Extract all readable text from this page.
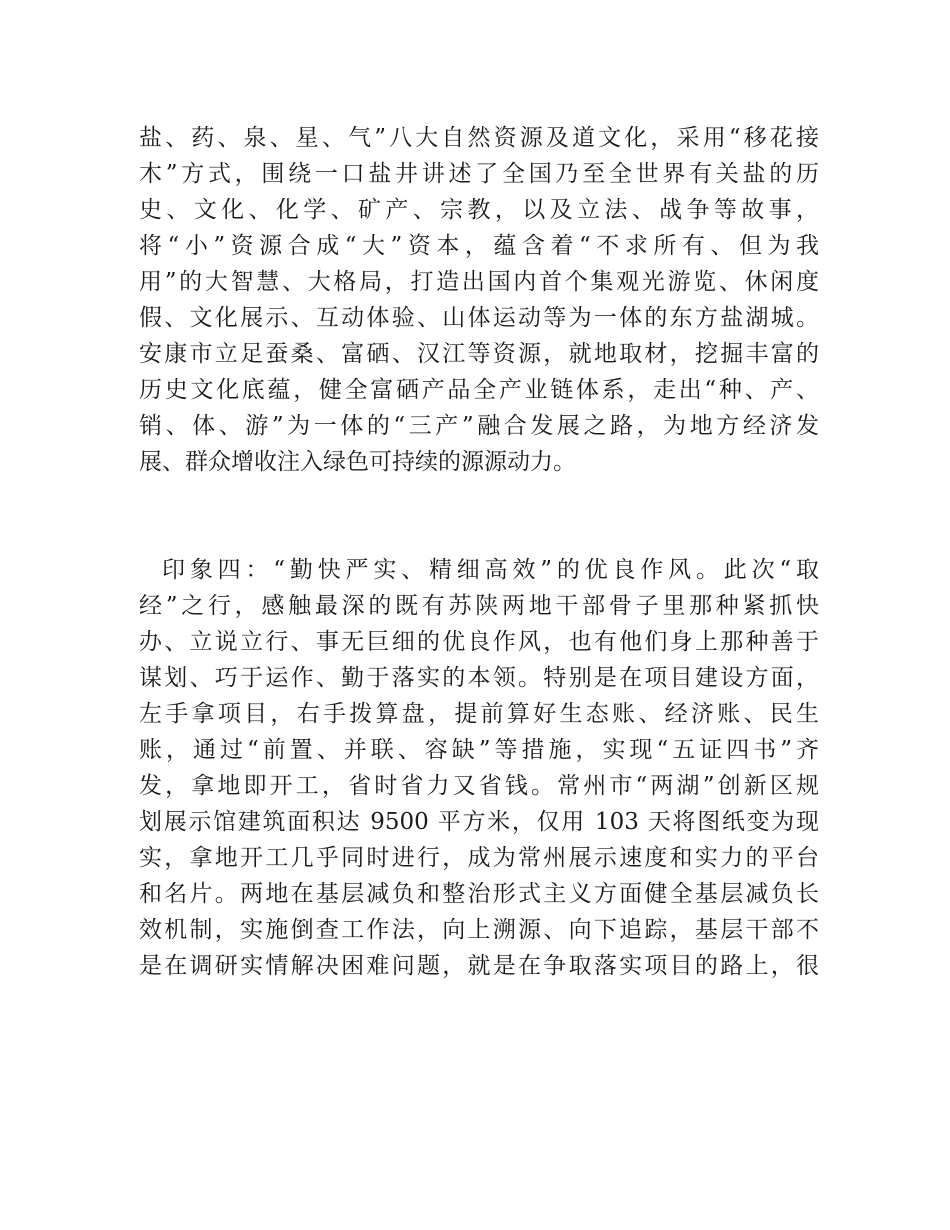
盐、药、泉、星、气”八大自然资源及道文化，采用“移花接
木”方式，围绕一口盐井讲述了全国乃至全世界有关盐的历
史、文化、化学、矿产、宗教，以及立法、战争等故事，
将“小”资源合成“大”资本，蕴含着“不求所有、但为我
用”的大智慧、大格局，打造出国内首个集观光游览、休闲度
假、文化展示、互动体验、山体运动等为一体的东方盐湖城。
安康市立足蚕桑、富硒、汉江等资源，就地取材，挖掘丰富的
历史文化底蕴，健全富硒产品全产业链体系，走出“种、产、
销、体、游”为一体的“三产”融合发展之路，为地方经济发
展、群众增收注入绿色可持续的源源动力。
印象四：“勤快严实、精细高效”的优良作风。此次“取
经”之行，感触最深的既有苏陕两地干部骨子里那种紧抓快
办、立说立行、事无巨细的优良作风，也有他们身上那种善于
谋划、巧于运作、勤于落实的本领。特别是在项目建设方面，
左手拿项目，右手拨算盘，提前算好生态账、经济账、民生
账，通过“前置、并联、容缺”等措施，实现“五证四书”齐
发，拿地即开工，省时省力又省钱。常州市“两湖”创新区规
划展示馆建筑面积达 9500 平方米，仅用 103 天将图纸变为现
实，拿地开工几乎同时进行，成为常州展示速度和实力的平台
和名片。两地在基层减负和整治形式主义方面健全基层减负长
效机制，实施倒查工作法，向上溯源、向下追踪，基层干部不
是在调研实情解决困难问题，就是在争取落实项目的路上，很
